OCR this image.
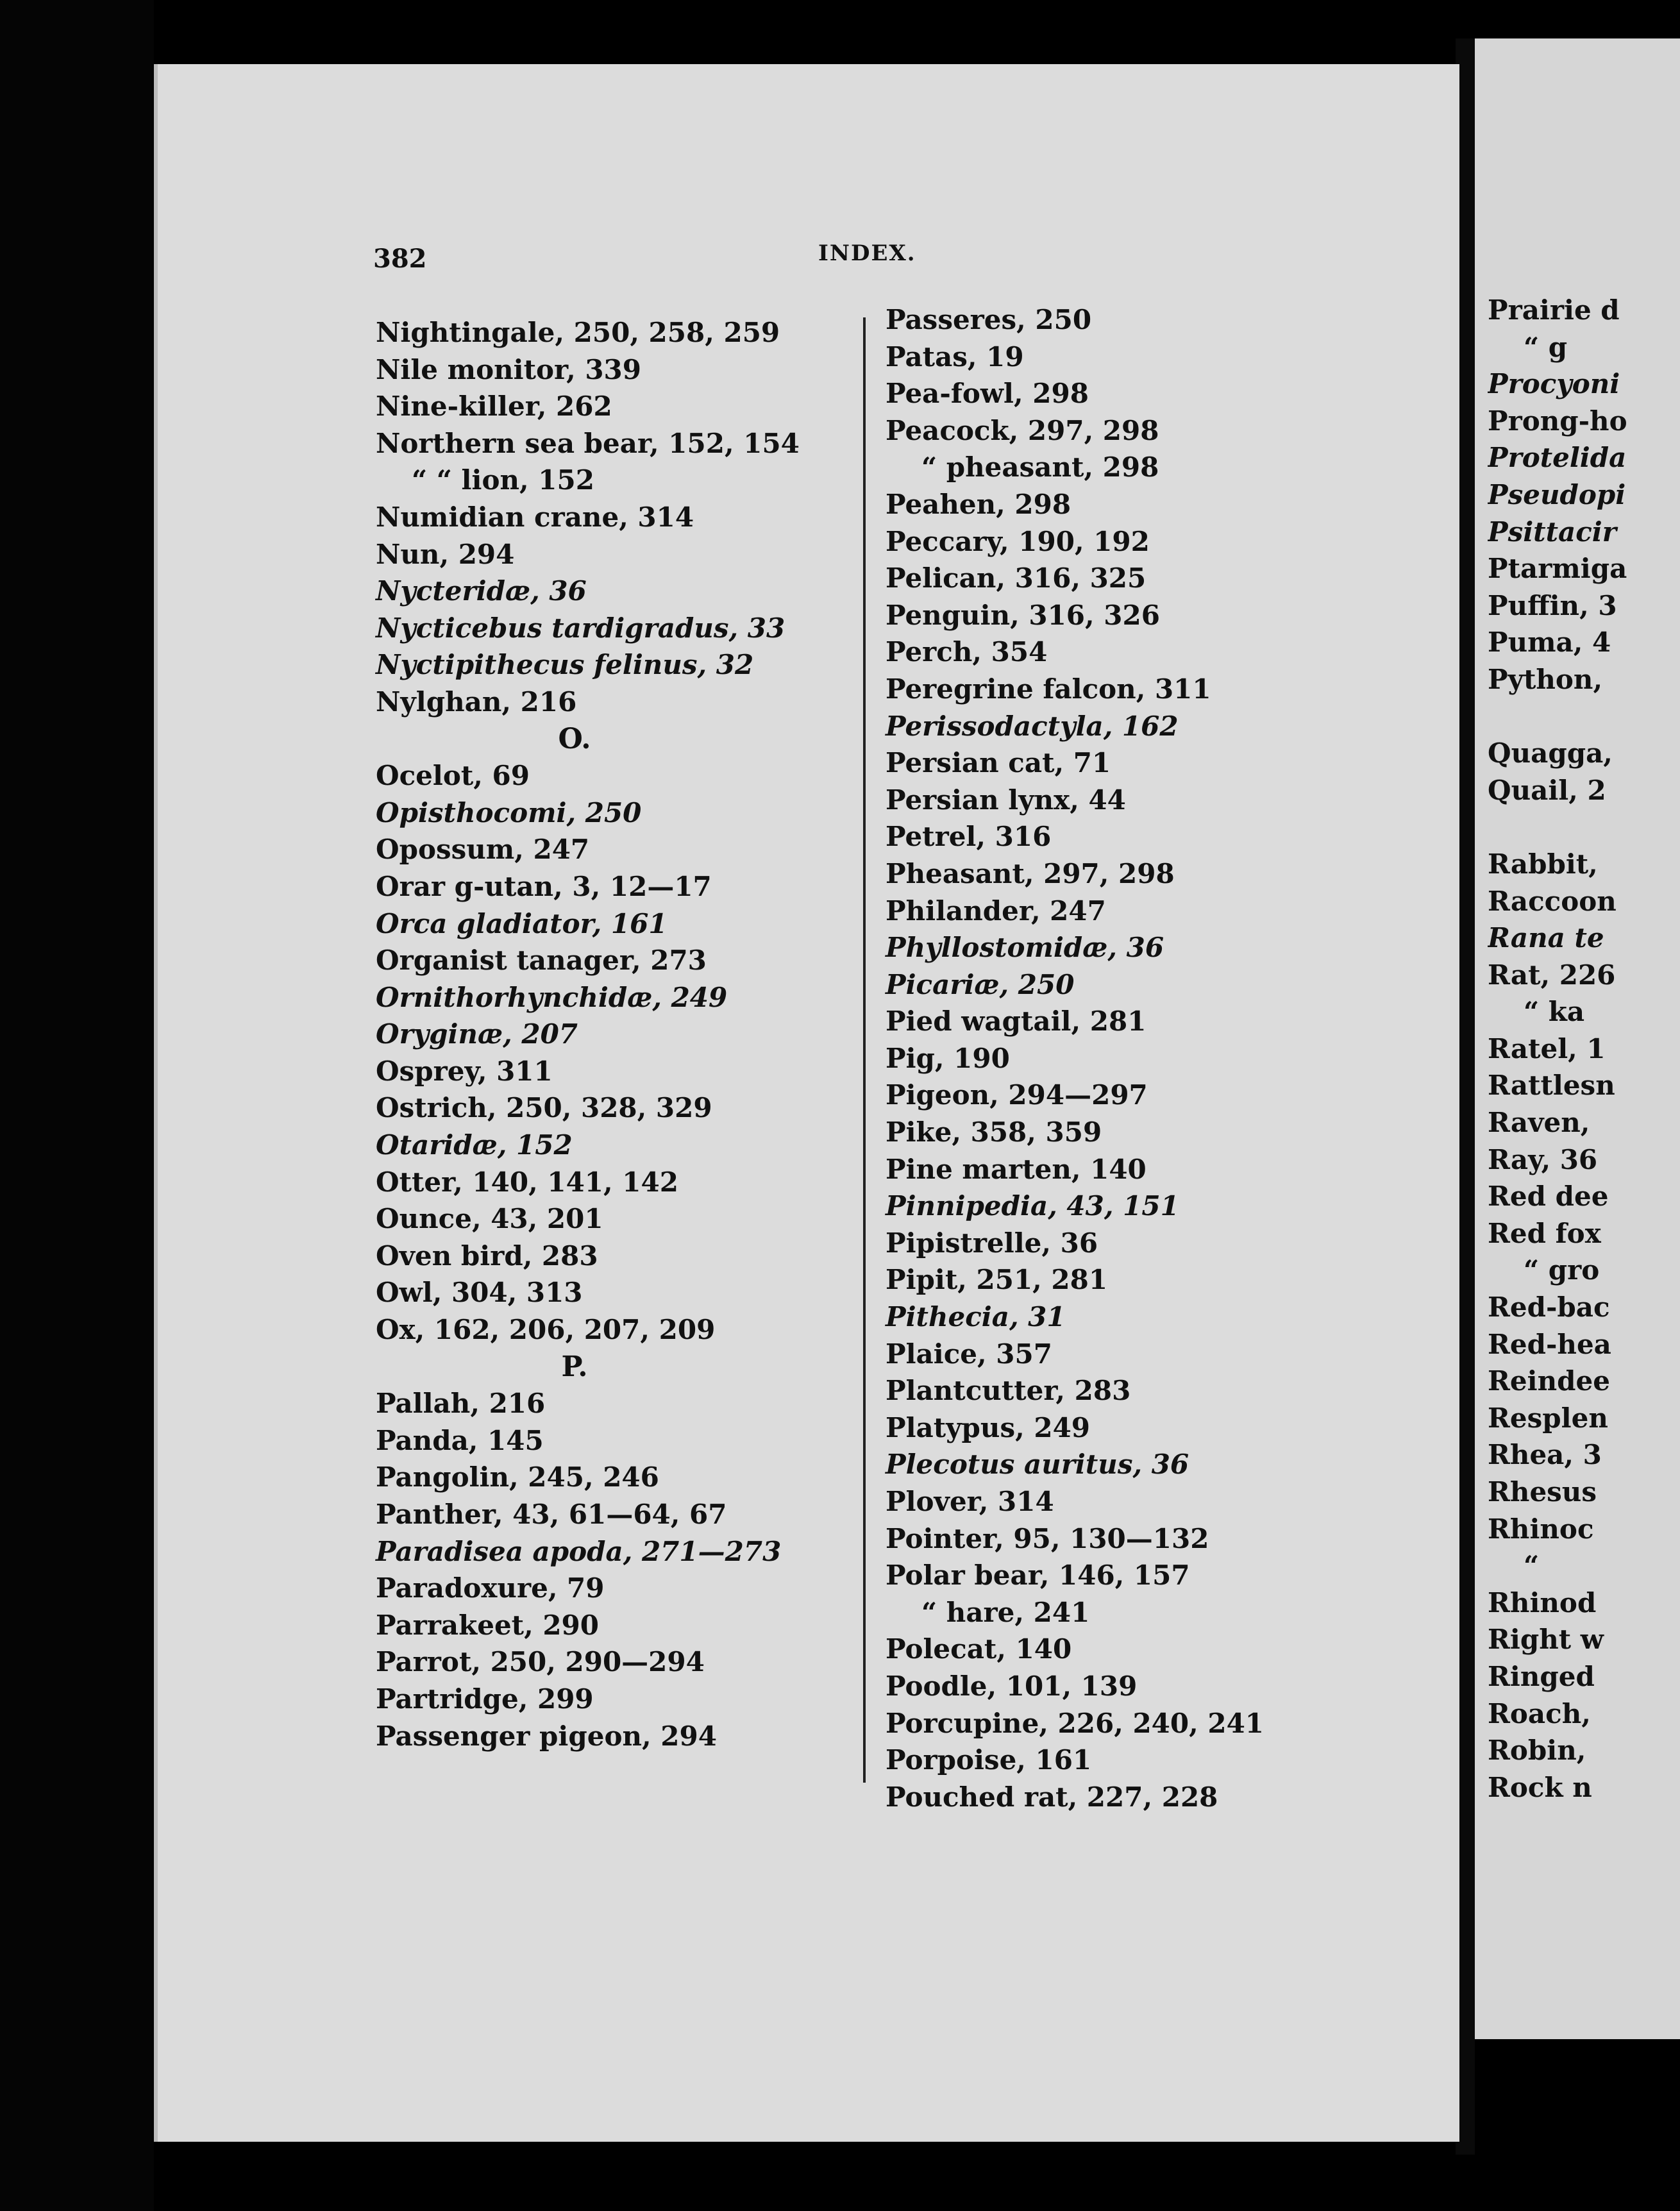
382	INDEX.
Nightingale, 250, 258, 259
Nile monitor, 339
Nine-killer, 262
Northern sea bear, 152, 154
“ “ lion, 152
Numidian crane, 314
Nun, 294
Nycteridæ, 36
Nycticebus tardigradus, 33
Nyctipithecus felinus, 32
Nylghan, 216
O.
Ocelot, 69
Opisthocomi, 250
Opossum, 247
Orar g-utan, 3, 12—17
Orca gladiator, 161
Organist tanager, 273
Ornithorhynchidæ, 249
Oryginæ, 207
Osprey, 311
Ostrich, 250, 328, 329
Otaridæ, 152
Otter, 140, 141, 142
Ounce, 43, 201
Oven bird, 283
Owl, 304, 313
Ox, 162, 206, 207, 209
P.
Pallah, 216
Panda, 145
Pangolin, 245, 246
Panther, 43, 61—64, 67
Paradisea apoda, 271—273
Paradoxure, 79
Parrakeet, 290
Parrot, 250, 290—294
Partridge, 299
Passenger pigeon, 294
Passeres, 250
Patas, 19
Pea-fowl, 298
Peacock, 297, 298
“ pheasant, 298
Peahen, 298
Peccary, 190, 192
Pelican, 316, 325
Penguin, 316, 326
Perch, 354
Peregrine falcon, 311
Perissodactyla, 162
Persian cat, 71
Persian lynx, 44
Petrel, 316
Pheasant, 297, 298
Philander, 247
Phyllostomidæ, 36
Picariæ, 250
Pied wagtail, 281
Pig, 190
Pigeon, 294—297
Pike, 358, 359
Pine marten, 140
Pinnipedia, 43, 151
Pipistrelle, 36
Pipit, 251, 281
Pithecia, 31
Plaice, 357
Plantcutter, 283
Platypus, 249
Plecotus auritus, 36
Plover, 314
Pointer, 95, 130—132
Polar bear, 146, 157
“ hare, 241
Polecat, 140
Poodle, 101, 139
Porcupine, 226, 240, 241
Porpoise, 161
Pouched rat, 227, 228
Prairie d
“ g
Procyoni
Prong-ho
Protelida
Pseudopi
Psittacir
Ptarmiga
Puffin, 3
Puma, 4
Python,
Quagga,
Quail, 2
Rabbit,
Raccoon
Rana te
Rat, 226
“ ka
Ratel, 1
Rattlesn
Raven,
Ray, 36
Red dee
Red fox
“ gro
Red-bac
Red-hea
Reindee
Resplen
Rhea, 3
Rhesus
Rhinoc
“
Rhinod
Right w
Ringed
Roach,
Robin,
Rock n
